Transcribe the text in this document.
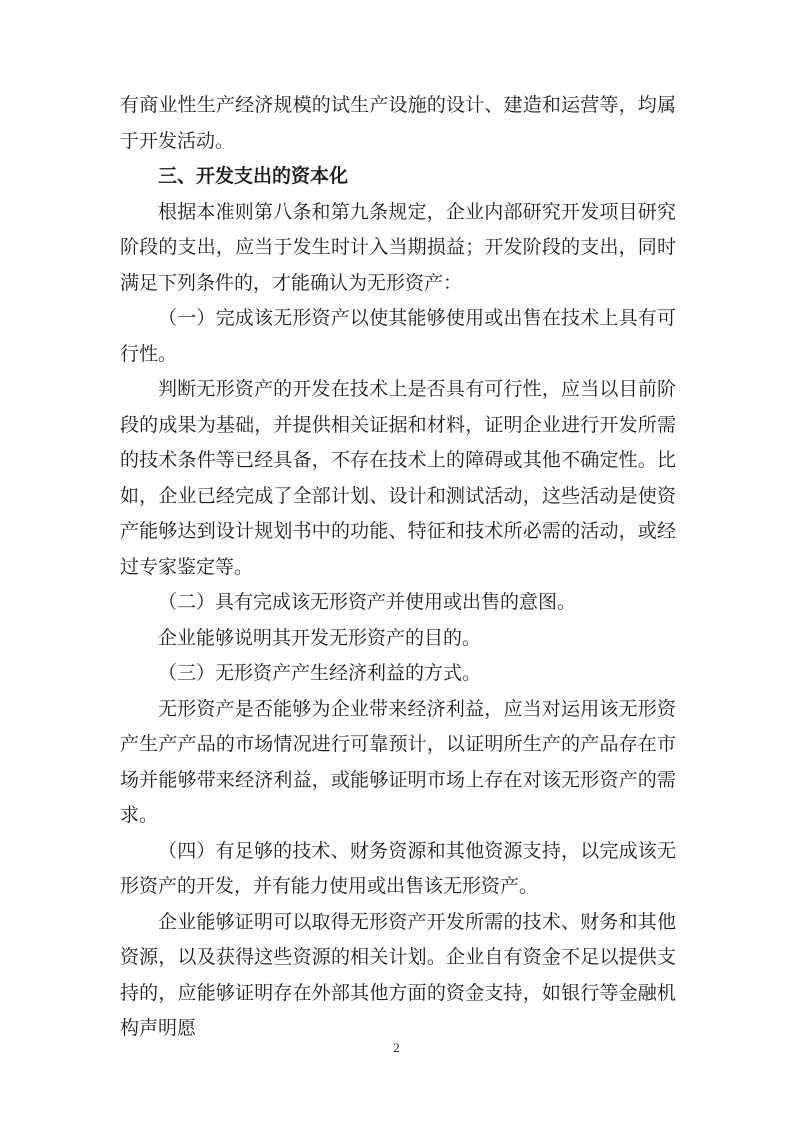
有商业性生产经济规模的试生产设施的设计、建造和运营等，均属于开发活动。

三、开发支出的资本化

根据本准则第八条和第九条规定，企业内部研究开发项目研究阶段的支出，应当于发生时计入当期损益；开发阶段的支出，同时满足下列条件的，才能确认为无形资产：

（一）完成该无形资产以使其能够使用或出售在技术上具有可行性。

判断无形资产的开发在技术上是否具有可行性，应当以目前阶段的成果为基础，并提供相关证据和材料，证明企业进行开发所需的技术条件等已经具备，不存在技术上的障碍或其他不确定性。比如，企业已经完成了全部计划、设计和测试活动，这些活动是使资产能够达到设计规划书中的功能、特征和技术所必需的活动，或经过专家鉴定等。

（二）具有完成该无形资产并使用或出售的意图。

企业能够说明其开发无形资产的目的。

（三）无形资产产生经济利益的方式。

无形资产是否能够为企业带来经济利益，应当对运用该无形资产生产产品的市场情况进行可靠预计，以证明所生产的产品存在市场并能够带来经济利益，或能够证明市场上存在对该无形资产的需求。

（四）有足够的技术、财务资源和其他资源支持，以完成该无形资产的开发，并有能力使用或出售该无形资产。

企业能够证明可以取得无形资产开发所需的技术、财务和其他资源，以及获得这些资源的相关计划。企业自有资金不足以提供支持的，应能够证明存在外部其他方面的资金支持，如银行等金融机构声明愿

2
